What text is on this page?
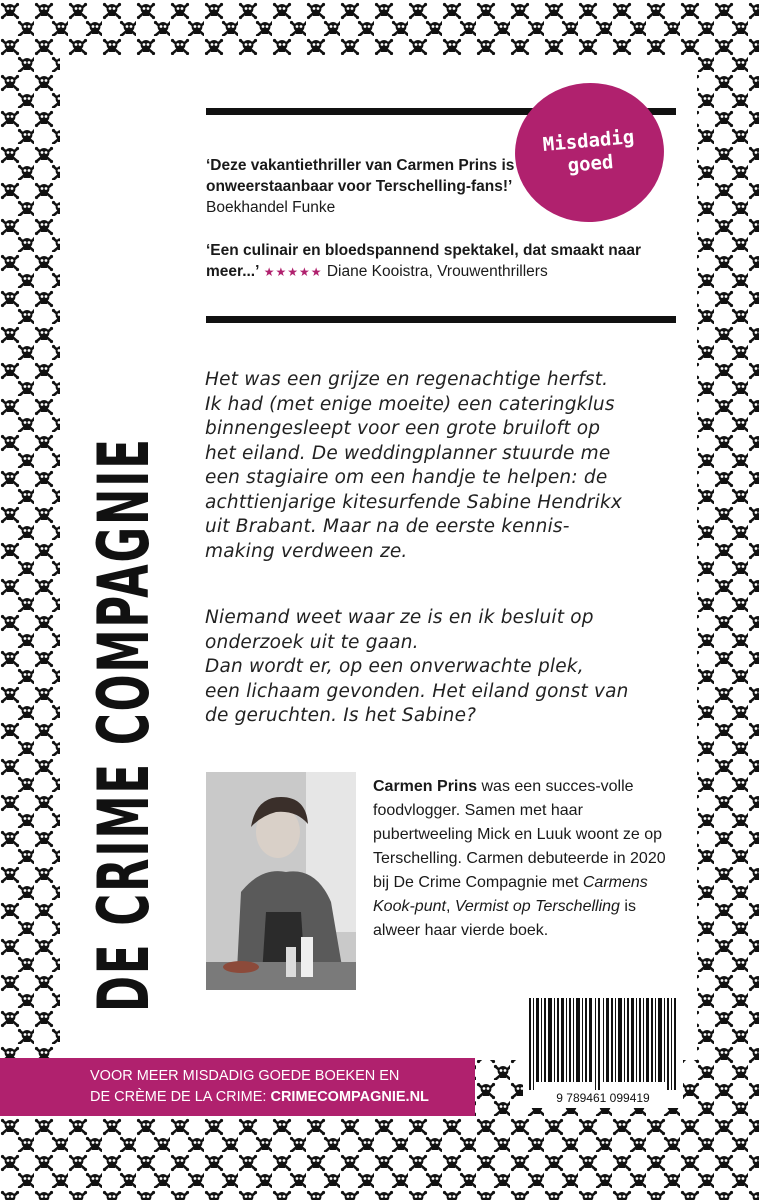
DE CRIME COMPAGNIE
Misdadig
goed
‘Deze vakantiethriller van Carmen Prins is onweerstaanbaar voor Terschelling-fans!’ Boekhandel Funke
‘Een culinair en bloedspannend spektakel, dat smaakt naar meer...’ ★★★★★ Diane Kooistra, Vrouwenthrillers

Het was een grijze en regenachtige herfst.
Ik had (met enige moeite) een cateringklus
binnengesleept voor een grote bruiloft op
het eiland. De weddingplanner stuurde me
een stagiaire om een handje te helpen: de
achttienjarige kitesurfende Sabine Hendrikx
uit Brabant. Maar na de eerste kennis-
making verdween ze.

Niemand weet waar ze is en ik besluit op
onderzoek uit te gaan.
Dan wordt er, op een onverwachte plek,
een lichaam gevonden. Het eiland gonst van
de geruchten. Is het Sabine?

Carmen Prins was een succes-volle foodvlogger. Samen met haar pubertweeling Mick en Luuk woont ze op Terschelling. Carmen debuteerde in 2020 bij De Crime Compagnie met Carmens Kook-punt, Vermist op Terschelling is alweer haar vierde boek.
9 789461 099419
VOOR MEER MISDADIG GOEDE BOEKEN EN
DE CRÈME DE LA CRIME: CRIMECOMPAGNIE.NL
